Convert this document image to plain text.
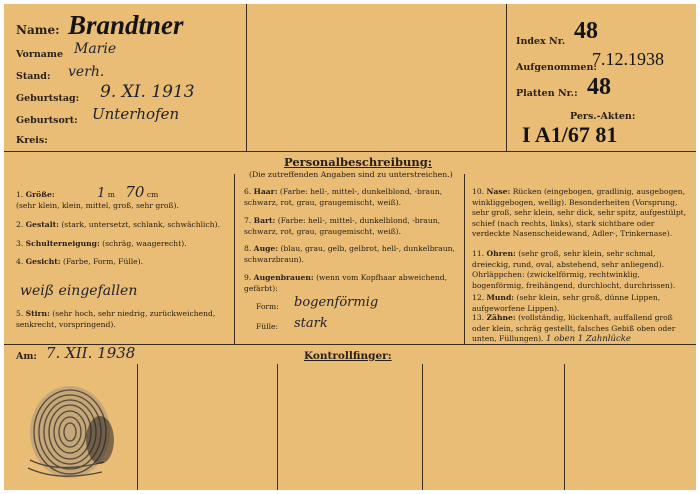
Name: Brandtner
Vorname Marie
Stand: verh.
Geburtstag: 9. XI. 1913
Geburtsort: Unterhofen
Kreis:
Index Nr. 48
Aufgenommen:
7.12.1938
Platten Nr.: 48
Pers.-Akten:
I A1/67 81
Personalbeschreibung:
(Die zutreffenden Angaben sind zu unterstreichen.)
1. Größe:	1 m 70 cm
(sehr klein, klein, mittel, groß, sehr groß).
2. Gestalt: (stark, untersetzt, schlank, schwächlich).
3. Schulterneigung: (schräg, waagerecht).
4. Gesicht: (Farbe, Form, Fülle).
weiß eingefallen
5. Stirn: (sehr hoch, sehr niedrig, zurückweichend, senkrecht, vorspringend).
6. Haar: (Farbe: hell-, mittel-, dunkelblond, -braun, schwarz, rot, grau, graugemischt, weiß).
7. Bart: (Farbe: hell-, mittel-, dunkelblond, -braun, schwarz, rot, grau, graugemischt, weiß).
8. Auge: (blau, grau, gelb, gelbrot, hell-, dunkelbraun, schwarzbraun).
9. Augenbrauen: (wenn vom Kopfhaar abweichend, gefärbt):
Form: bogenförmig
Fülle: stark
10. Nase: Rücken (eingebogen, gradlinig, ausgebogen, winkliggebogen, wellig). Besonderheiten (Vorsprung, sehr groß, sehr klein, sehr dick, sehr spitz, aufgestülpt, schief (nach rechts, links), stark sichtbare oder verdeckte Nasenscheidewand, Adler-, Trinkernase).
11. Ohren: (sehr groß, sehr klein, sehr schmal, dreieckig, rund, oval, abstehend, sehr anliegend). Ohrläppchen: (zwickelförmig, rechtwinklig, bogenförmig, freihängend, durchlocht, durchrissen).
12. Mund: (sehr klein, sehr groß, dünne Lippen, aufgeworfene Lippen).
13. Zähne: (vollständig, lückenhaft, auffallend groß oder klein, schräg gestellt, falsches Gebiß oben oder unten, Füllungen). 1 oben 1 Zahnlücke
Am: 7. XII. 1938	Kontrollfinger:
